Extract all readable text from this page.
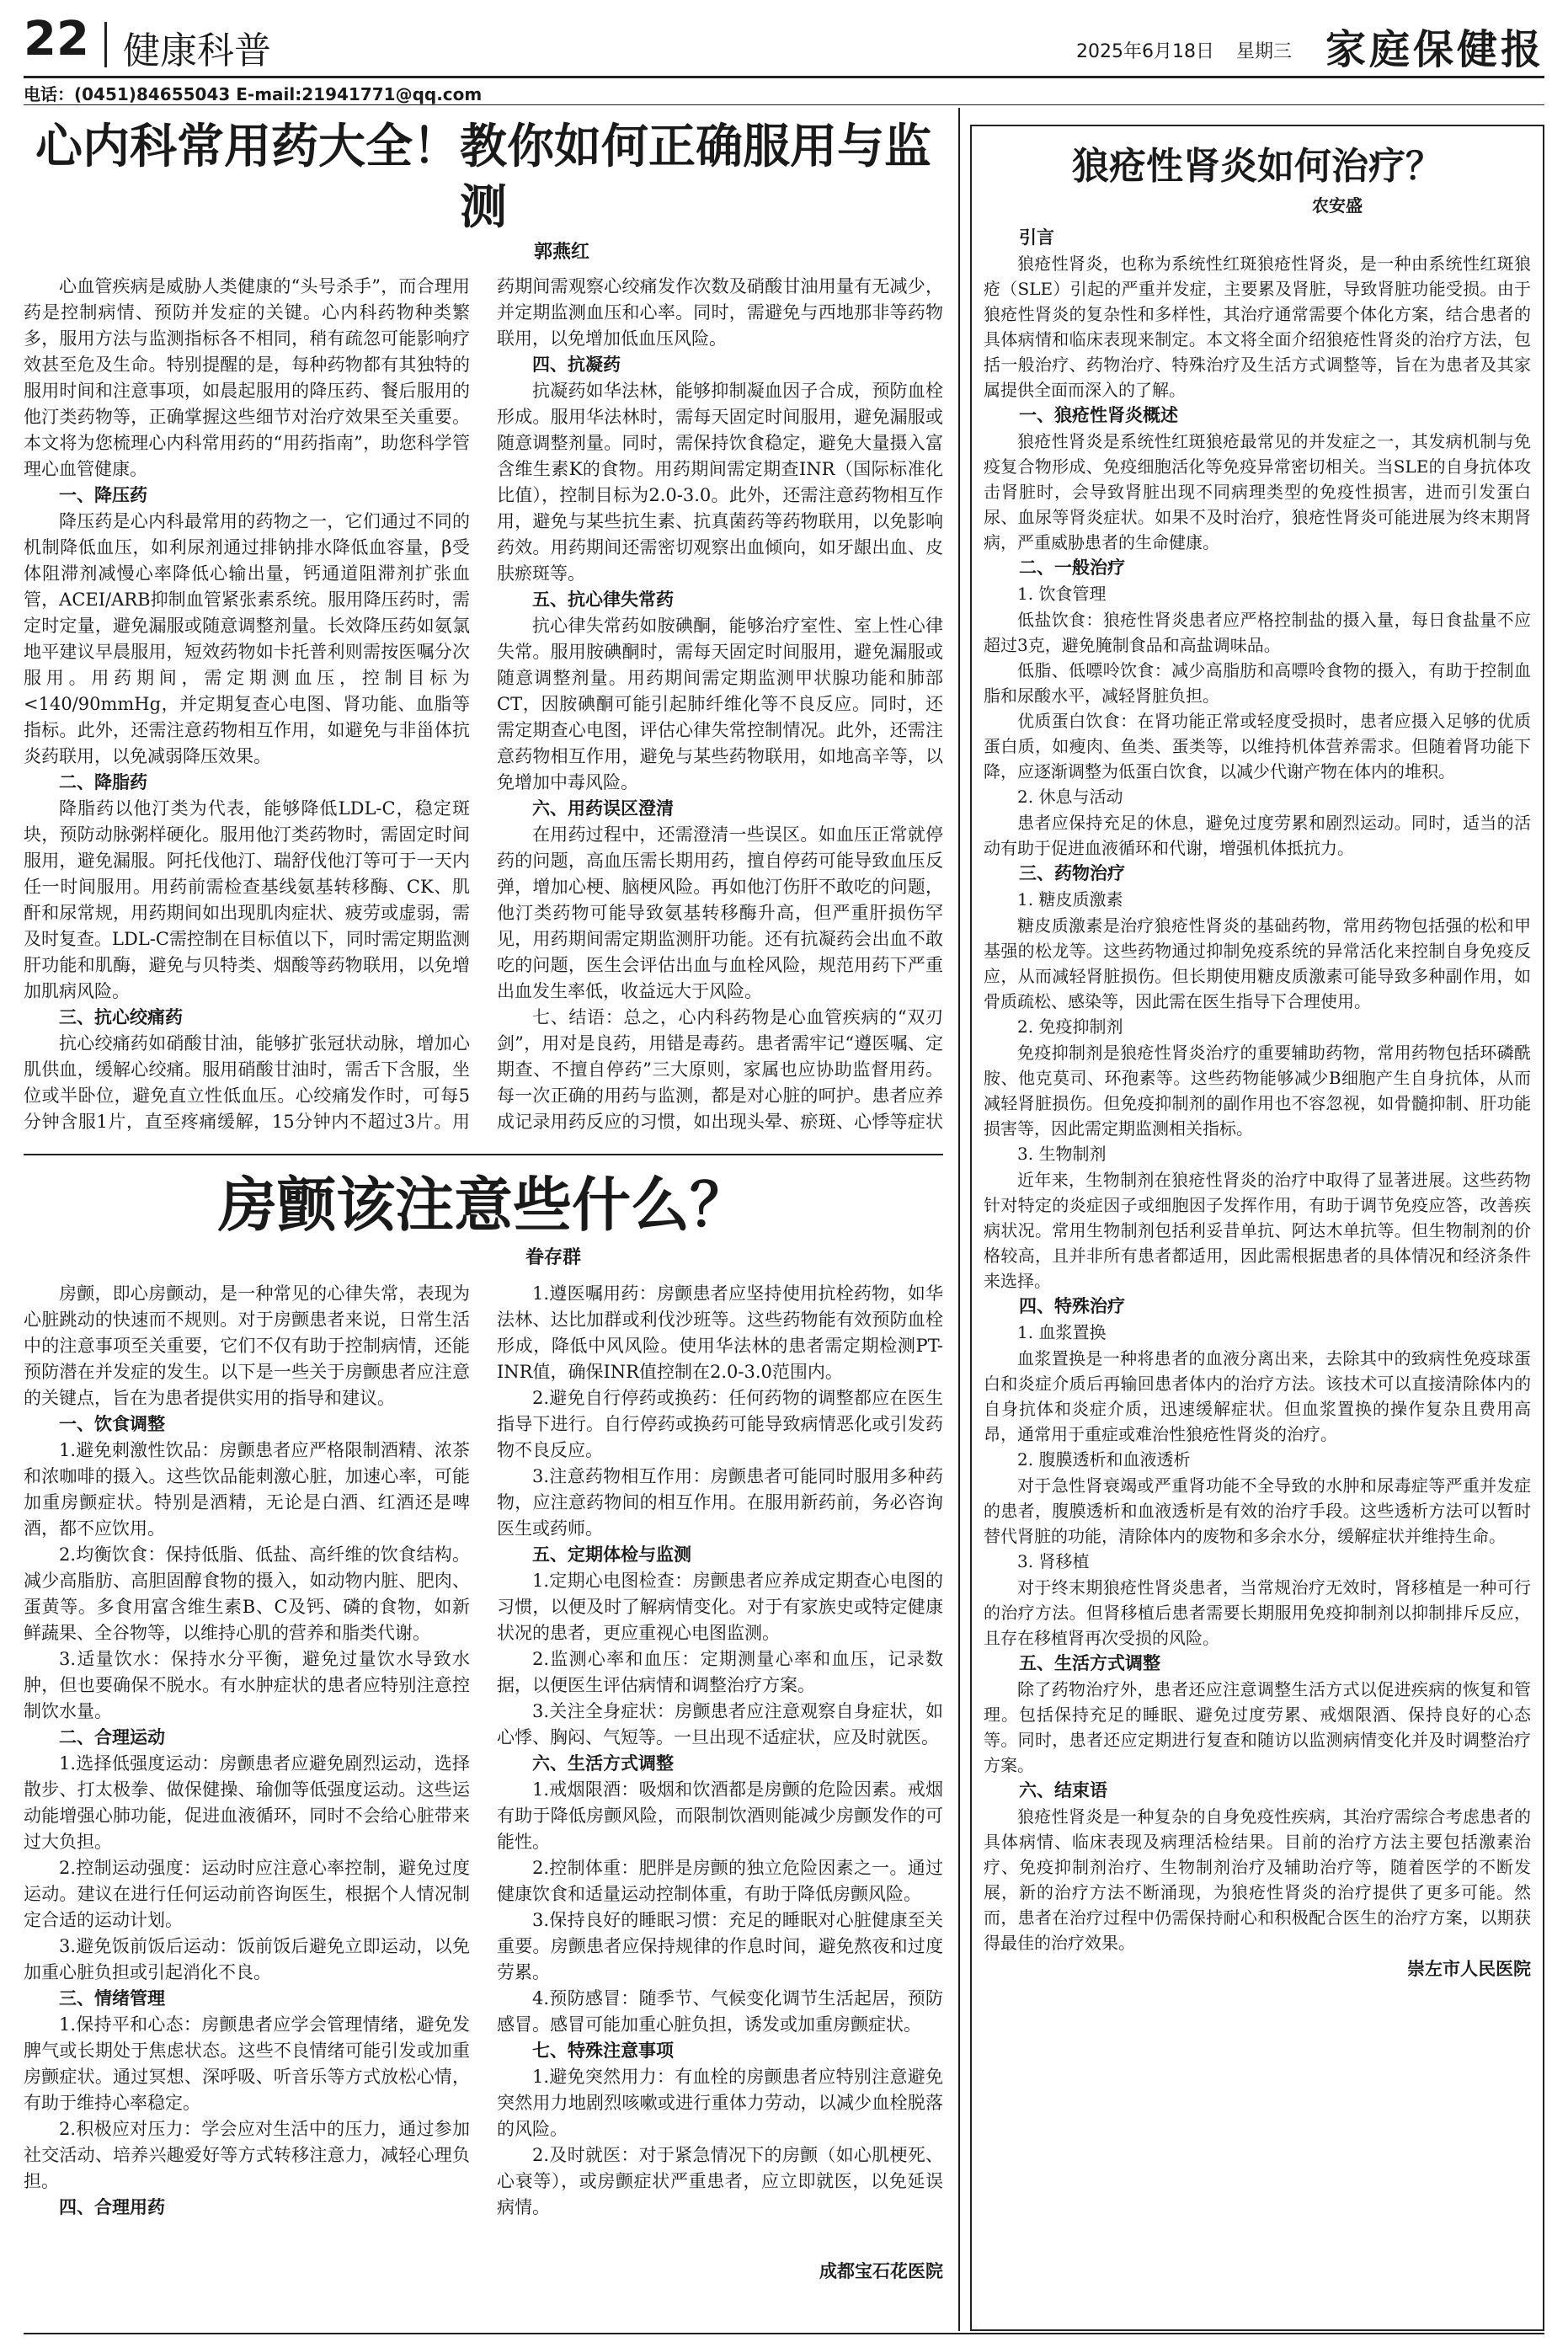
22 健康科普	2025年6月18日 星期三 家庭保健报
电话：(0451)84655043 E-mail:21941771@qq.com
心内科常用药大全！教你如何正确服用与监测
郭燕红

心血管疾病是威胁人类健康的“头号杀手”，而合理用药是控制病情、预防并发症的关键。心内科药物种类繁多，服用方法与监测指标各不相同，稍有疏忽可能影响疗效甚至危及生命。特别提醒的是，每种药物都有其独特的服用时间和注意事项，如晨起服用的降压药、餐后服用的他汀类药物等，正确掌握这些细节对治疗效果至关重要。本文将为您梳理心内科常用药的“用药指南”，助您科学管理心血管健康。

一、降压药

降压药是心内科最常用的药物之一，它们通过不同的机制降低血压，如利尿剂通过排钠排水降低血容量，β受体阻滞剂减慢心率降低心输出量，钙通道阻滞剂扩张血管，ACEI/ARB抑制血管紧张素系统。服用降压药时，需定时定量，避免漏服或随意调整剂量。长效降压药如氨氯地平建议早晨服用，短效药物如卡托普利则需按医嘱分次服用。用药期间，需定期测血压，控制目标为<140/90mmHg，并定期复查心电图、肾功能、血脂等指标。此外，还需注意药物相互作用，如避免与非甾体抗炎药联用，以免减弱降压效果。

二、降脂药

降脂药以他汀类为代表，能够降低LDL-C，稳定斑块，预防动脉粥样硬化。服用他汀类药物时，需固定时间服用，避免漏服。阿托伐他汀、瑞舒伐他汀等可于一天内任一时间服用。用药前需检查基线氨基转移酶、CK、肌酐和尿常规，用药期间如出现肌肉症状、疲劳或虚弱，需及时复查。LDL-C需控制在目标值以下，同时需定期监测肝功能和肌酶，避免与贝特类、烟酸等药物联用，以免增加肌病风险。

三、抗心绞痛药

抗心绞痛药如硝酸甘油，能够扩张冠状动脉，增加心肌供血，缓解心绞痛。服用硝酸甘油时，需舌下含服，坐位或半卧位，避免直立性低血压。心绞痛发作时，可每5分钟含服1片，直至疼痛缓解，15分钟内不超过3片。用药期间需观察心绞痛发作次数及硝酸甘油用量有无减少，并定期监测血压和心率。同时，需避免与西地那非等药物联用，以免增加低血压风险。

四、抗凝药

抗凝药如华法林，能够抑制凝血因子合成，预防血栓形成。服用华法林时，需每天固定时间服用，避免漏服或随意调整剂量。同时，需保持饮食稳定，避免大量摄入富含维生素K的食物。用药期间需定期查INR（国际标准化比值），控制目标为2.0-3.0。此外，还需注意药物相互作用，避免与某些抗生素、抗真菌药等药物联用，以免影响药效。用药期间还需密切观察出血倾向，如牙龈出血、皮肤瘀斑等。

五、抗心律失常药

抗心律失常药如胺碘酮，能够治疗室性、室上性心律失常。服用胺碘酮时，需每天固定时间服用，避免漏服或随意调整剂量。用药期间需定期监测甲状腺功能和肺部CT，因胺碘酮可能引起肺纤维化等不良反应。同时，还需定期查心电图，评估心律失常控制情况。此外，还需注意药物相互作用，避免与某些药物联用，如地高辛等，以免增加中毒风险。

六、用药误区澄清

在用药过程中，还需澄清一些误区。如血压正常就停药的问题，高血压需长期用药，擅自停药可能导致血压反弹，增加心梗、脑梗风险。再如他汀伤肝不敢吃的问题，他汀类药物可能导致氨基转移酶升高，但严重肝损伤罕见，用药期间需定期监测肝功能。还有抗凝药会出血不敢吃的问题，医生会评估出血与血栓风险，规范用药下严重出血发生率低，收益远大于风险。

七、结语：总之，心内科药物是心血管疾病的“双刃剑”，用对是良药，用错是毒药。患者需牢记“遵医嘱、定期查、不擅自停药”三大原则，家属也应协助监督用药。每一次正确的用药与监测，都是对心脏的呵护。患者应养成记录用药反应的习惯，如出现头晕、瘀斑、心悸等症状

房颤该注意些什么？
眷存群

房颤，即心房颤动，是一种常见的心律失常，表现为心脏跳动的快速而不规则。对于房颤患者来说，日常生活中的注意事项至关重要，它们不仅有助于控制病情，还能预防潜在并发症的发生。以下是一些关于房颤患者应注意的关键点，旨在为患者提供实用的指导和建议。

一、饮食调整

1.避免刺激性饮品：房颤患者应严格限制酒精、浓茶和浓咖啡的摄入。这些饮品能刺激心脏，加速心率，可能加重房颤症状。特别是酒精，无论是白酒、红酒还是啤酒，都不应饮用。

2.均衡饮食：保持低脂、低盐、高纤维的饮食结构。减少高脂肪、高胆固醇食物的摄入，如动物内脏、肥肉、蛋黄等。多食用富含维生素B、C及钙、磷的食物，如新鲜蔬果、全谷物等，以维持心肌的营养和脂类代谢。

3.适量饮水：保持水分平衡，避免过量饮水导致水肿，但也要确保不脱水。有水肿症状的患者应特别注意控制饮水量。

二、合理运动

1.选择低强度运动：房颤患者应避免剧烈运动，选择散步、打太极拳、做保健操、瑜伽等低强度运动。这些运动能增强心肺功能，促进血液循环，同时不会给心脏带来过大负担。

2.控制运动强度：运动时应注意心率控制，避免过度运动。建议在进行任何运动前咨询医生，根据个人情况制定合适的运动计划。

3.避免饭前饭后运动：饭前饭后避免立即运动，以免加重心脏负担或引起消化不良。

三、情绪管理

1.保持平和心态：房颤患者应学会管理情绪，避免发脾气或长期处于焦虑状态。这些不良情绪可能引发或加重房颤症状。通过冥想、深呼吸、听音乐等方式放松心情，有助于维持心率稳定。

2.积极应对压力：学会应对生活中的压力，通过参加社交活动、培养兴趣爱好等方式转移注意力，减轻心理负担。

四、合理用药

1.遵医嘱用药：房颤患者应坚持使用抗栓药物，如华法林、达比加群或利伐沙班等。这些药物能有效预防血栓形成，降低中风风险。使用华法林的患者需定期检测PT-INR值，确保INR值控制在2.0-3.0范围内。

2.避免自行停药或换药：任何药物的调整都应在医生指导下进行。自行停药或换药可能导致病情恶化或引发药物不良反应。

3.注意药物相互作用：房颤患者可能同时服用多种药物，应注意药物间的相互作用。在服用新药前，务必咨询医生或药师。

五、定期体检与监测

1.定期心电图检查：房颤患者应养成定期查心电图的习惯，以便及时了解病情变化。对于有家族史或特定健康状况的患者，更应重视心电图监测。

2.监测心率和血压：定期测量心率和血压，记录数据，以便医生评估病情和调整治疗方案。

3.关注全身症状：房颤患者应注意观察自身症状，如心悸、胸闷、气短等。一旦出现不适症状，应及时就医。

六、生活方式调整

1.戒烟限酒：吸烟和饮酒都是房颤的危险因素。戒烟有助于降低房颤风险，而限制饮酒则能减少房颤发作的可能性。

2.控制体重：肥胖是房颤的独立危险因素之一。通过健康饮食和适量运动控制体重，有助于降低房颤风险。

3.保持良好的睡眠习惯：充足的睡眠对心脏健康至关重要。房颤患者应保持规律的作息时间，避免熬夜和过度劳累。

4.预防感冒：随季节、气候变化调节生活起居，预防感冒。感冒可能加重心脏负担，诱发或加重房颤症状。

七、特殊注意事项

1.避免突然用力：有血栓的房颤患者应特别注意避免突然用力地剧烈咳嗽或进行重体力劳动，以减少血栓脱落的风险。

2.及时就医：对于紧急情况下的房颤（如心肌梗死、心衰等），或房颤症状严重患者，应立即就医，以免延误病情。

成都宝石花医院
狼疮性肾炎如何治疗？
农安盛
引言

狼疮性肾炎，也称为系统性红斑狼疮性肾炎，是一种由系统性红斑狼疮（SLE）引起的严重并发症，主要累及肾脏，导致肾脏功能受损。由于狼疮性肾炎的复杂性和多样性，其治疗通常需要个体化方案，结合患者的具体病情和临床表现来制定。本文将全面介绍狼疮性肾炎的治疗方法，包括一般治疗、药物治疗、特殊治疗及生活方式调整等，旨在为患者及其家属提供全面而深入的了解。

一、狼疮性肾炎概述

狼疮性肾炎是系统性红斑狼疮最常见的并发症之一，其发病机制与免疫复合物形成、免疫细胞活化等免疫异常密切相关。当SLE的自身抗体攻击肾脏时，会导致肾脏出现不同病理类型的免疫性损害，进而引发蛋白尿、血尿等肾炎症状。如果不及时治疗，狼疮性肾炎可能进展为终末期肾病，严重威胁患者的生命健康。

二、一般治疗
1. 饮食管理

低盐饮食：狼疮性肾炎患者应严格控制盐的摄入量，每日食盐量不应超过3克，避免腌制食品和高盐调味品。

低脂、低嘌呤饮食：减少高脂肪和高嘌呤食物的摄入，有助于控制血脂和尿酸水平，减轻肾脏负担。

优质蛋白饮食：在肾功能正常或轻度受损时，患者应摄入足够的优质蛋白质，如瘦肉、鱼类、蛋类等，以维持机体营养需求。但随着肾功能下降，应逐渐调整为低蛋白饮食，以减少代谢产物在体内的堆积。

2. 休息与活动

患者应保持充足的休息，避免过度劳累和剧烈运动。同时，适当的活动有助于促进血液循环和代谢，增强机体抵抗力。

三、药物治疗
1. 糖皮质激素

糖皮质激素是治疗狼疮性肾炎的基础药物，常用药物包括强的松和甲基强的松龙等。这些药物通过抑制免疫系统的异常活化来控制自身免疫反应，从而减轻肾脏损伤。但长期使用糖皮质激素可能导致多种副作用，如骨质疏松、感染等，因此需在医生指导下合理使用。

2. 免疫抑制剂

免疫抑制剂是狼疮性肾炎治疗的重要辅助药物，常用药物包括环磷酰胺、他克莫司、环孢素等。这些药物能够减少B细胞产生自身抗体，从而减轻肾脏损伤。但免疫抑制剂的副作用也不容忽视，如骨髓抑制、肝功能损害等，因此需定期监测相关指标。

3. 生物制剂

近年来，生物制剂在狼疮性肾炎的治疗中取得了显著进展。这些药物针对特定的炎症因子或细胞因子发挥作用，有助于调节免疫应答，改善疾病状况。常用生物制剂包括利妥昔单抗、阿达木单抗等。但生物制剂的价格较高，且并非所有患者都适用，因此需根据患者的具体情况和经济条件来选择。

四、特殊治疗
1. 血浆置换

血浆置换是一种将患者的血液分离出来，去除其中的致病性免疫球蛋白和炎症介质后再输回患者体内的治疗方法。该技术可以直接清除体内的自身抗体和炎症介质，迅速缓解症状。但血浆置换的操作复杂且费用高昂，通常用于重症或难治性狼疮性肾炎的治疗。

2. 腹膜透析和血液透析

对于急性肾衰竭或严重肾功能不全导致的水肿和尿毒症等严重并发症的患者，腹膜透析和血液透析是有效的治疗手段。这些透析方法可以暂时替代肾脏的功能，清除体内的废物和多余水分，缓解症状并维持生命。

3. 肾移植

对于终末期狼疮性肾炎患者，当常规治疗无效时，肾移植是一种可行的治疗方法。但肾移植后患者需要长期服用免疫抑制剂以抑制排斥反应，且存在移植肾再次受损的风险。

五、生活方式调整

除了药物治疗外，患者还应注意调整生活方式以促进疾病的恢复和管理。包括保持充足的睡眠、避免过度劳累、戒烟限酒、保持良好的心态等。同时，患者还应定期进行复查和随访以监测病情变化并及时调整治疗方案。

六、结束语

狼疮性肾炎是一种复杂的自身免疫性疾病，其治疗需综合考虑患者的具体病情、临床表现及病理活检结果。目前的治疗方法主要包括激素治疗、免疫抑制剂治疗、生物制剂治疗及辅助治疗等，随着医学的不断发展，新的治疗方法不断涌现，为狼疮性肾炎的治疗提供了更多可能。然而，患者在治疗过程中仍需保持耐心和积极配合医生的治疗方案，以期获得最佳的治疗效果。

崇左市人民医院
